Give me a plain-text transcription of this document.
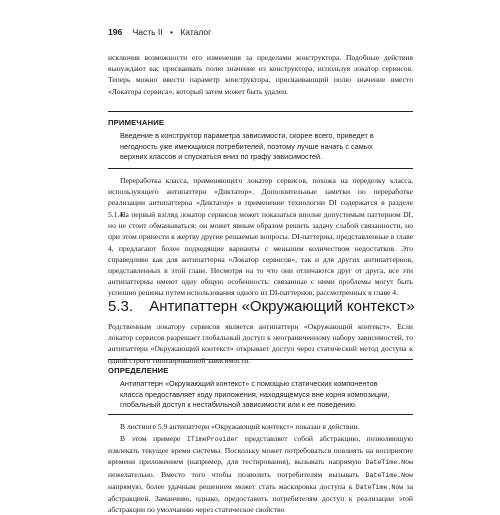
196 Часть II • Каталог

исключив возможности его изменения за пределами конструктора. Подобные действия вынуждают вас присваивать полю значение из конструктора, используя локатор сервисов. Теперь можно ввести параметр конструктора, присваивающий полю значение вместо «Локатора сервиса», который затем может быть удален.

ПРИМЕЧАНИЕ

Введение в конструктор параметра зависимости, скорее всего, приведет в негодность уже имеющихся потребителей, поэтому лучше начать с самых верхних классов и спускаться вниз по графу зависимостей.

Переработка класса, применяющего локатор сервисов, похожа на переделку класса, использующего антипаттерн «Диктатор». Дополнительные заметки по переработке реализации антипаттерна «Диктатор» в применение технологии DI содержатся в разделе 5.1.4.

На первый взгляд локатор сервисов может показаться вполне допустимым паттерном DI, но не стоит обманываться: он может явным образом решить задачу слабой связанности, но при этом принести в жертву другие решаемые вопросы. DI-паттерны, представленные в главе 4, предлагают более подходящие варианты с меньшим количеством недостатков. Это справедливо как для антипаттерна «Локатор сервисов», так и для других антипаттернов, представленных в этой главе. Несмотря на то что они отличаются друг от друга, все эти антипаттерны имеют одну общую особенность: связанные с ними проблемы могут быть успешно решены путем использования одного из DI-паттернов, рассмотренных в главе 4.

5.3. Антипаттерн «Окружающий контекст»

Родственным локатору сервисов является антипаттерн «Окружающий контекст». Если локатор сервисов разрешает глобальный доступ к неограниченному набору зависимостей, то антипаттерн «Окружающий контекст» открывает доступ через статический метод доступа к одной строго типизированной зависимости.

ОПРЕДЕЛЕНИЕ

Антипаттерн «Окружающий контекст» с помощью статических компонентов класса предоставляет коду приложения, находящемуся вне корня композиции, глобальный доступ к нестабильной зависимости или к ее поведению.

В листинге 5.9 антипаттерн «Окружающий контекст» показан в действии.

В этом примере ITimeProvider представляет собой абстракцию, позволяющую извлекать текущее время системы. Поскольку может потребоваться повлиять на восприятие времени приложением (например, для тестирования), вызывать напрямую DateTime.Now нежелательно. Вместо того чтобы позволить потребителям вызывать DateTime.Now напрямую, более удачным решением может стать маскировка доступа к DateTime.Now за абстракцией. Заманчиво, однако, предоставить потребителям доступ к реализации этой абстракции по умолчанию через статическое свойство
